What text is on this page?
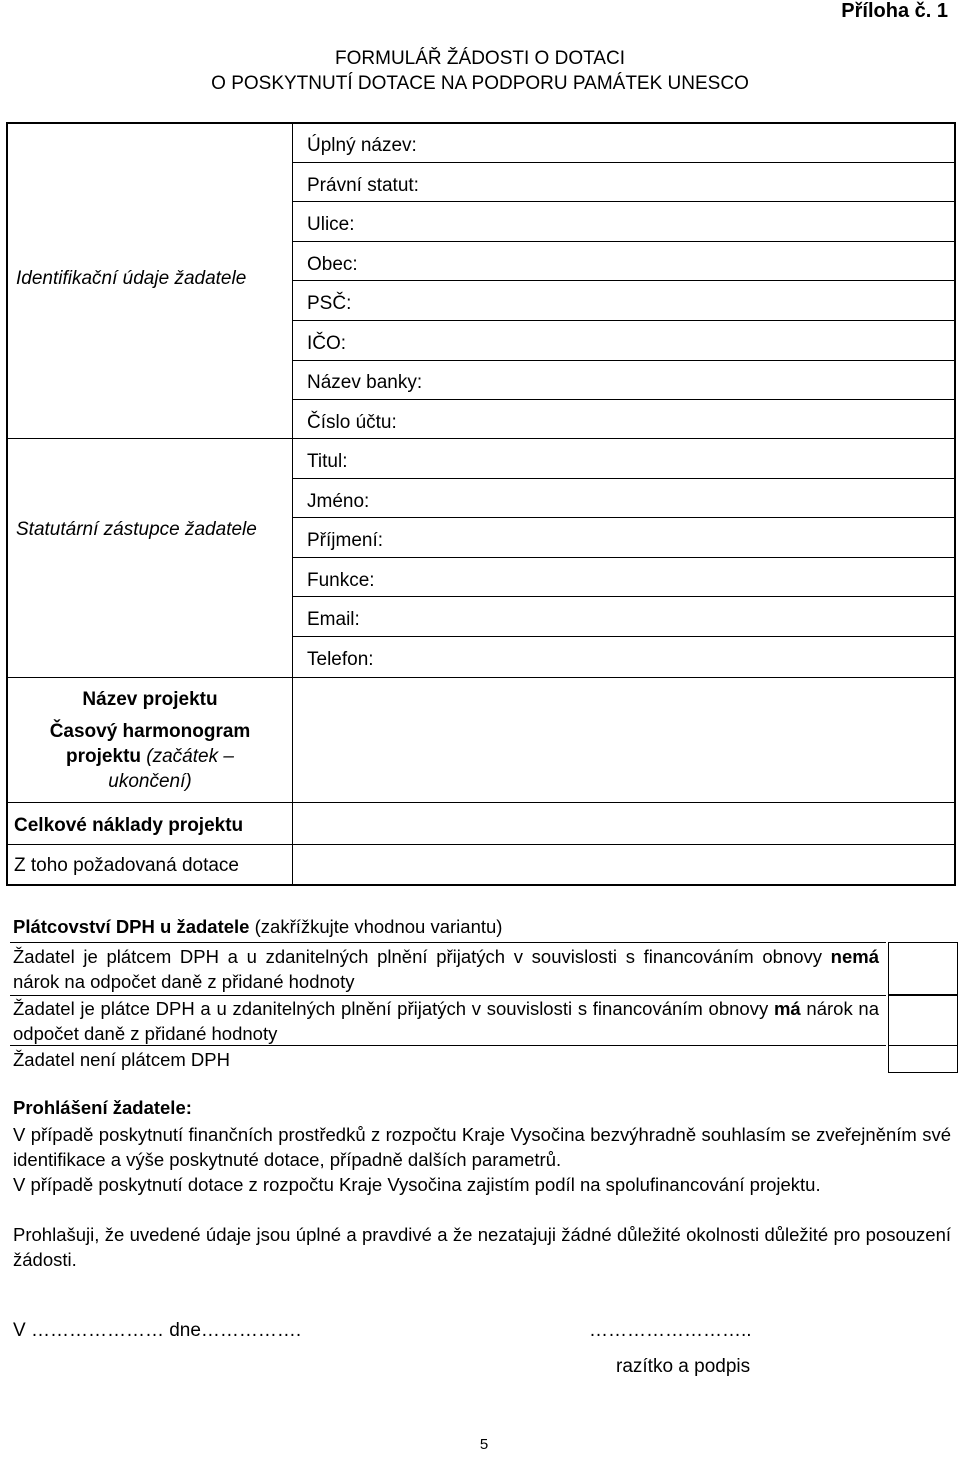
Příloha č. 1
FORMULÁŘ ŽÁDOSTI O DOTACI
O POSKYTNUTÍ DOTACE NA PODPORU PAMÁTEK UNESCO
Identifikační údaje žadatele
Statutární zástupce žadatele
Název projektu
Časový harmonogram projektu (začátek – ukončení)
Celkové náklady projektu
Z toho požadovaná dotace
Úplný název:
Právní statut:
Ulice:
Obec:
PSČ:
IČO:
Název banky:
Číslo účtu:
Titul:
Jméno:
Příjmení:
Funkce:
Email:
Telefon:
Plátcovství DPH u žadatele (zakřížkujte vhodnou variantu)
Žadatel je plátcem DPH a u zdanitelných plnění přijatých v souvislosti s financováním obnovy nemá nárok na odpočet daně z přidané hodnoty
Žadatel je plátce DPH a u zdanitelných plnění přijatých v souvislosti s financováním obnovy má nárok na odpočet daně z přidané hodnoty
Žadatel není plátcem DPH
Prohlášení žadatele:
V případě poskytnutí finančních prostředků z rozpočtu Kraje Vysočina bezvýhradně souhlasím se zveřejněním své identifikace a výše poskytnuté dotace, případně dalších parametrů.
V případě poskytnutí dotace z rozpočtu Kraje Vysočina zajistím podíl na spolufinancování projektu.
Prohlašuji, že uvedené údaje jsou úplné a pravdivé a že nezatajuji žádné důležité okolnosti důležité pro posouzení žádosti.
V ………………… dne…………….	……………………..
razítko a podpis
5
